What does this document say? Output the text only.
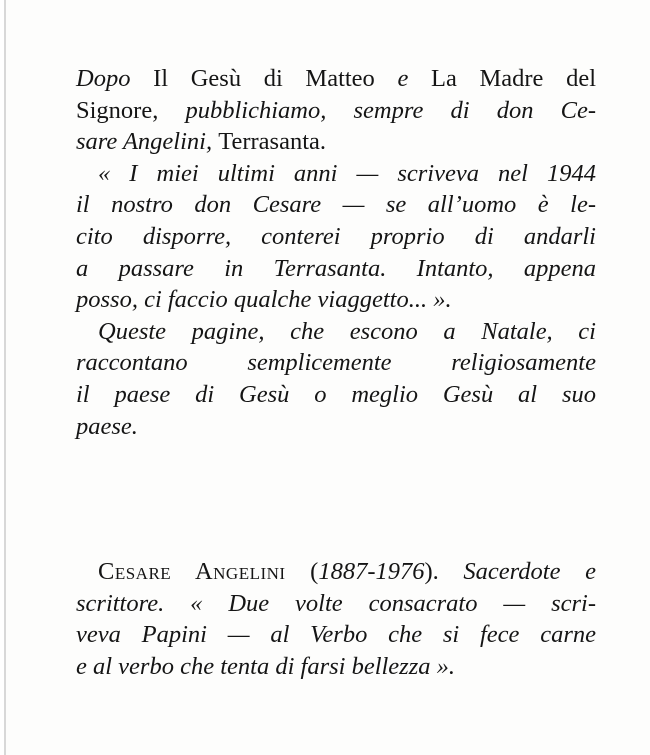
Dopo Il Gesù di Matteo e La Madre del
Signore, pubblichiamo, sempre di don Ce-
sare Angelini, Terrasanta.
« I miei ultimi anni — scriveva nel 1944
il nostro don Cesare — se all’uomo è le-
cito disporre, conterei proprio di andarli
a passare in Terrasanta. Intanto, appena
posso, ci faccio qualche viaggetto... ».
Queste pagine, che escono a Natale, ci
raccontano semplicemente religiosamente
il paese di Gesù o meglio Gesù al suo
paese.
Cesare Angelini (1887-1976). Sacerdote e
scrittore. « Due volte consacrato — scri-
veva Papini — al Verbo che si fece carne
e al verbo che tenta di farsi bellezza ».
